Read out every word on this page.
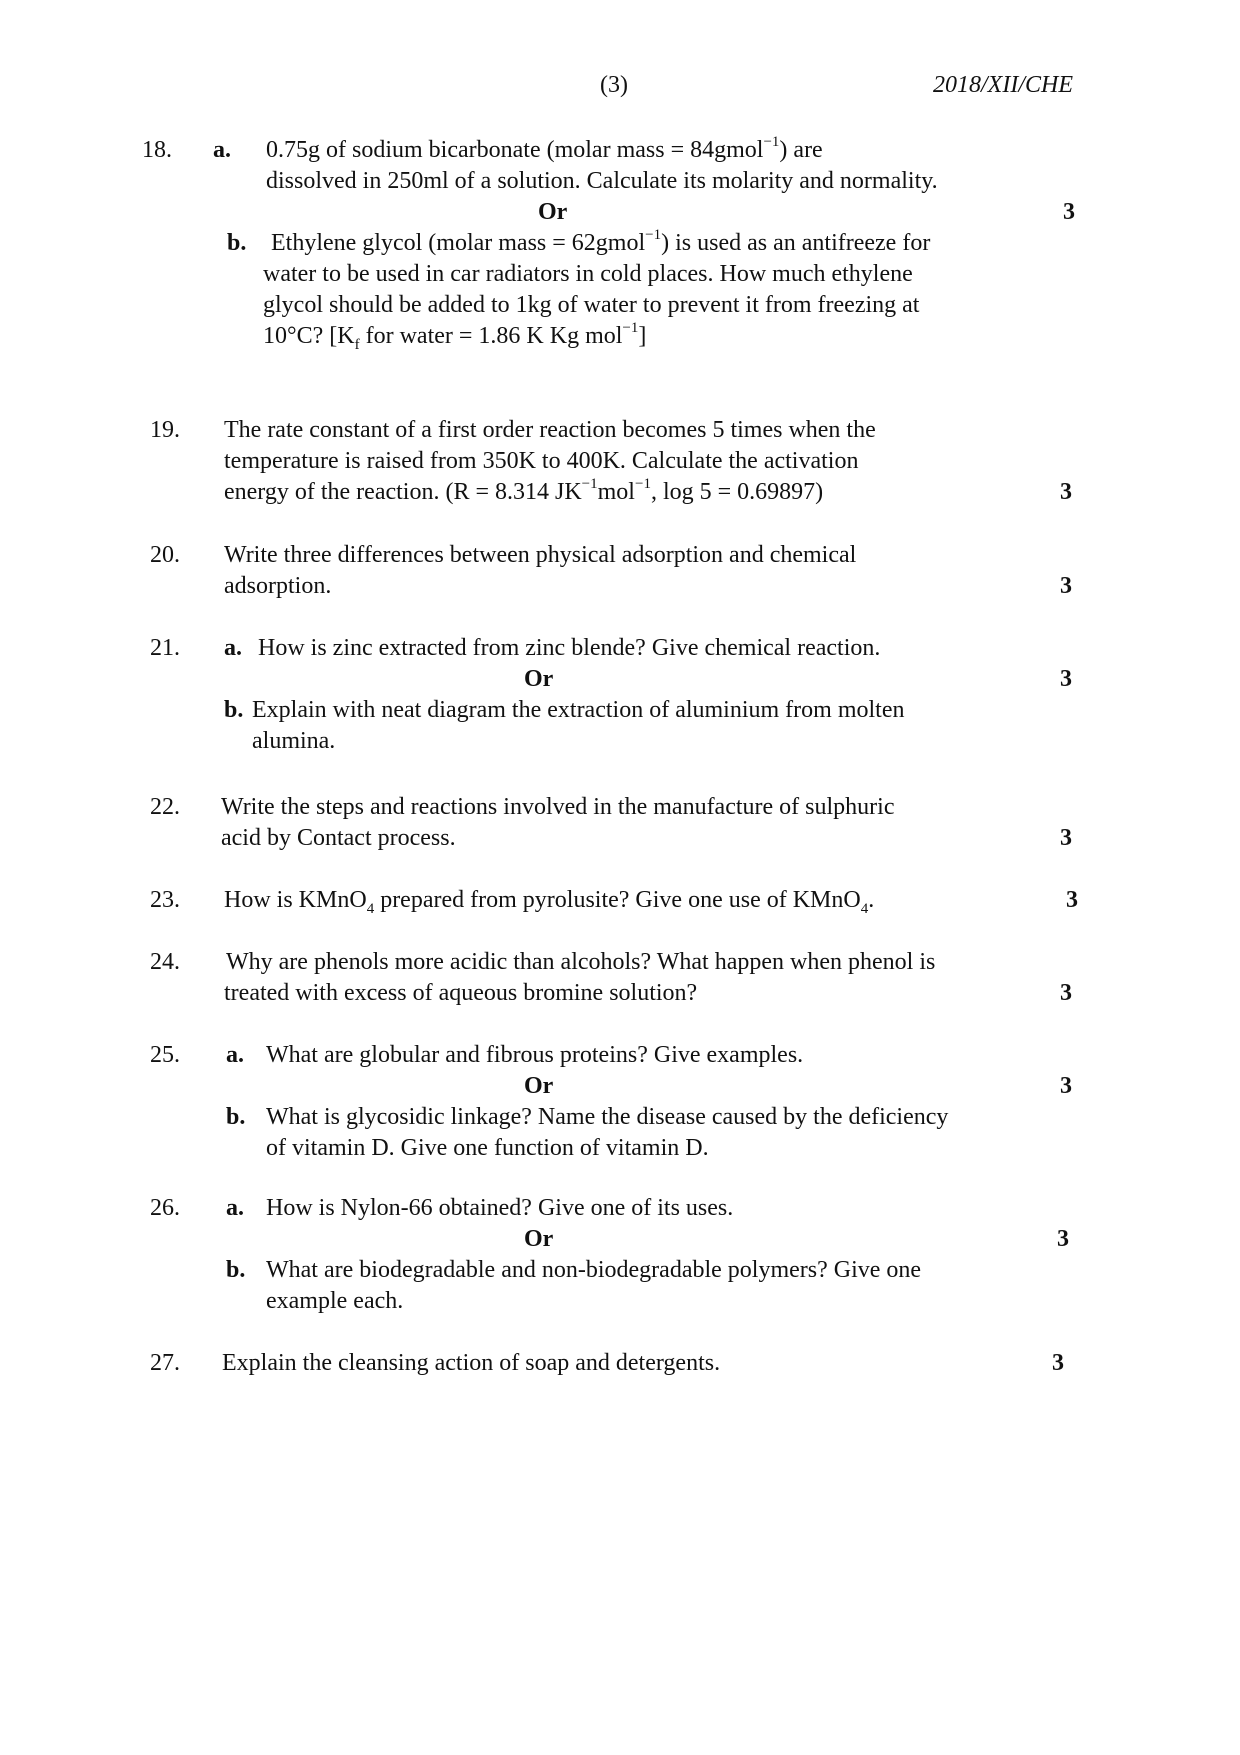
(3)	2018/XII/CHE
18. a. 0.75g of sodium bicarbonate (molar mass = 84gmol$^{-1}$) are

dissolved in 250ml of a solution. Calculate its molarity and normality.

Or	3
b.	Ethylene glycol (molar mass = 62gmol$^{-1}$) is used as an antifreeze for

water to be used in car radiators in cold places. How much ethylene

glycol should be added to 1kg of water to prevent it from freezing at

10°C? [$K_f$ for water = 1.86 K Kg mol$^{-1}$]

19. The rate constant of a first order reaction becomes 5 times when the

temperature is raised from 350K to 400K. Calculate the activation

energy of the reaction. (R = 8.314 $JK^{-1}mol^{-1}$, log 5 = 0.69897)	3
20. Write three differences between physical adsorption and chemical

adsorption.	3
21. a. How is zinc extracted from zinc blende? Give chemical reaction.

Or	3
b. Explain with neat diagram the extraction of aluminium from molten

alumina.

22. Write the steps and reactions involved in the manufacture of sulphuric

acid by Contact process.	3
23. How is KMnO$_4$ prepared from pyrolusite? Give one use of KMnO$_4$.	3
24. Why are phenols more acidic than alcohols? What happen when phenol is

treated with excess of aqueous bromine solution?	3
25. a. What are globular and fibrous proteins? Give examples.

Or	3
b. What is glycosidic linkage? Name the disease caused by the deficiency

of vitamin D. Give one function of vitamin D.

26. a. How is Nylon-66 obtained? Give one of its uses.

Or	3
b. What are biodegradable and non-biodegradable polymers? Give one

example each.

27. Explain the cleansing action of soap and detergents.	3
